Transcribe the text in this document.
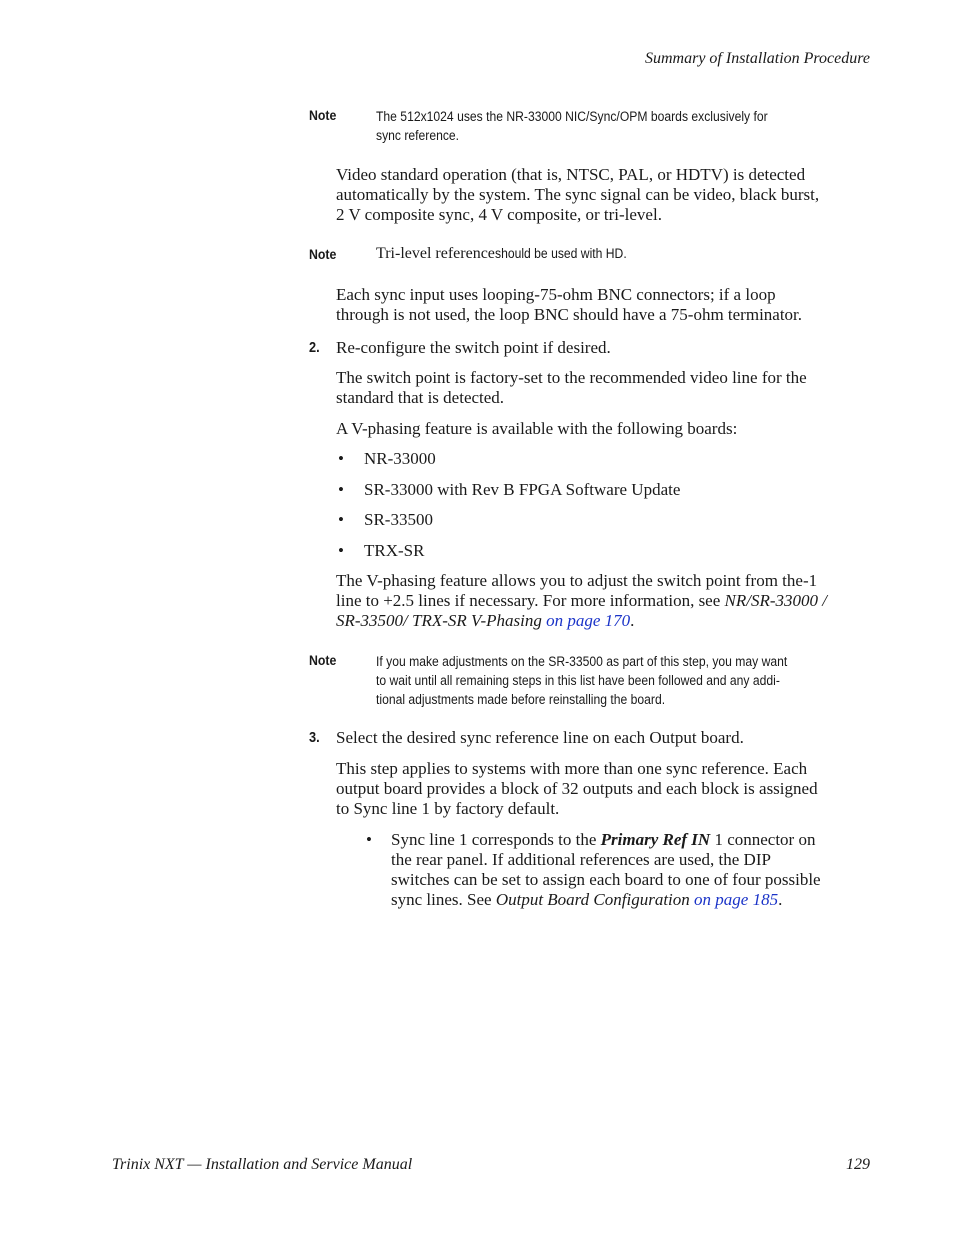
Summary of Installation Procedure
Note	The 512x1024 uses the NR-33000 NIC/Sync/OPM boards exclusively for
sync reference.
Video standard operation (that is, NTSC, PAL, or HDTV) is detected
automatically by the system. The sync signal can be video, black burst,
2 V composite sync, 4 V composite, or tri-level.
Note Tri-level referenceshould be used with HD.
Each sync input uses looping-75-ohm BNC connectors; if a loop
through is not used, the loop BNC should have a 75-ohm terminator.
2. Re-configure the switch point if desired.
The switch point is factory-set to the recommended video line for the
standard that is detected.
A V-phasing feature is available with the following boards:
• NR-33000
• SR-33000 with Rev B FPGA Software Update
• SR-33500
• TRX-SR
The V-phasing feature allows you to adjust the switch point from the-1
line to +2.5 lines if necessary. For more information, see NR/SR-33000 /
SR-33500/ TRX-SR V-Phasing on page 170.
Note	If you make adjustments on the SR-33500 as part of this step, you may want
to wait until all remaining steps in this list have been followed and any addi-
tional adjustments made before reinstalling the board.
3. Select the desired sync reference line on each Output board.
This step applies to systems with more than one sync reference. Each
output board provides a block of 32 outputs and each block is assigned
to Sync line 1 by factory default.
• Sync line 1 corresponds to the Primary Ref IN 1 connector on
the rear panel. If additional references are used, the DIP
switches can be set to assign each board to one of four possible
sync lines. See Output Board Configuration on page 185.
Trinix NXT — Installation and Service Manual	129
